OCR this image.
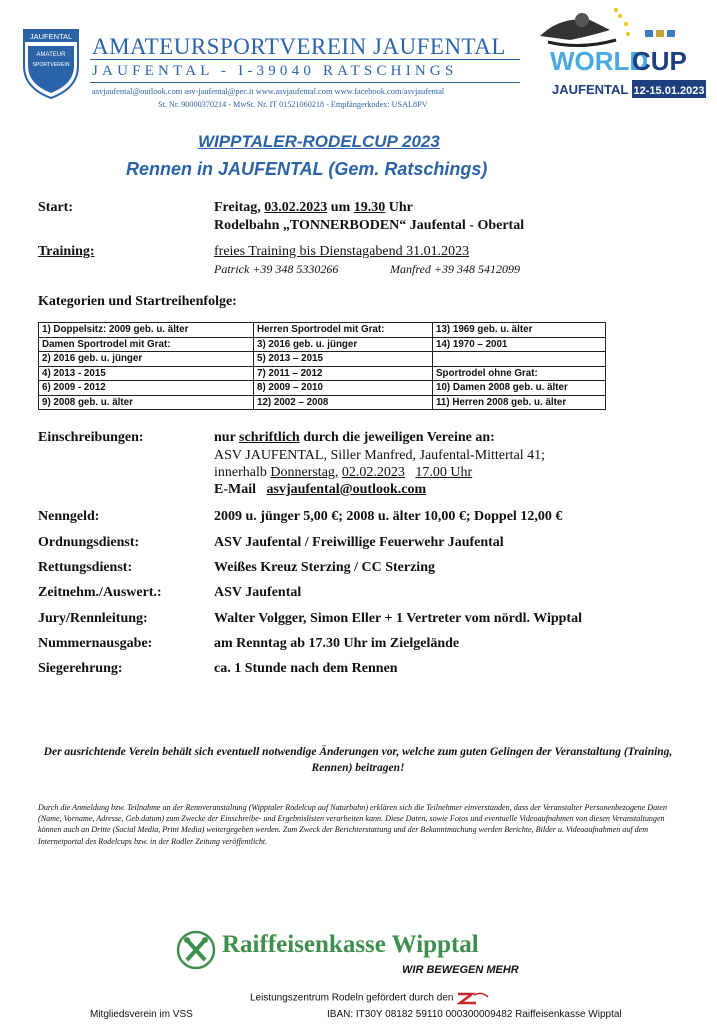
JAUFENTAL
AMATEUR
SPORTVEREIN
AMATEURSPORTVEREIN JAUFENTAL
JAUFENTAL - I-39040 RATSCHINGS
asvjaufental@outlook.com asv-jaufental@pec.it www.asvjaufental.com www.facebook.com/asvjaufental
St. Nr. 90000370214 - MwSt. Nr. IT 01521060218 - Empfängerkodex: USAL8PV
WORLD
CUP
JAUFENTAL 12-15.01.2023
WIPPTALER-RODELCUP 2023
Rennen in JAUFENTAL (Gem. Ratschings)
Start:	Freitag, 03.02.2023 um 19.30 Uhr
Rodelbahn „TONNERBODEN“ Jaufental - Obertal
Training:	freies Training bis Dienstagabend 31.01.2023
Patrick +39 348 5330266	Manfred +39 348 5412099
Kategorien und Startreihenfolge:
1) Doppelsitz: 2009 geb. u. älter	Herren Sportrodel mit Grat:	13) 1969 geb. u. älter
Damen Sportrodel mit Grat:	3) 2016 geb. u. jünger	14) 1970 – 2001
2) 2016 geb. u. jünger	5) 2013 – 2015	
4) 2013 - 2015	7) 2011 – 2012	Sportrodel ohne Grat:
6) 2009 - 2012	8) 2009 – 2010	10) Damen 2008 geb. u. älter
9) 2008 geb. u. älter	12) 2002 – 2008	11) Herren 2008 geb. u. älter
Einschreibungen:	nur schriftlich durch die jeweiligen Vereine an:
ASV JAUFENTAL, Siller Manfred, Jaufental-Mittertal 41;
innerhalb Donnerstag, 02.02.2023 17.00 Uhr
E-Mail asvjaufental@outlook.com
Nenngeld:	2009 u. jünger 5,00 €; 2008 u. älter 10,00 €; Doppel 12,00 €
Ordnungsdienst:	ASV Jaufental / Freiwillige Feuerwehr Jaufental
Rettungsdienst:	Weißes Kreuz Sterzing / CC Sterzing
Zeitnehm./Auswert.:	ASV Jaufental
Jury/Rennleitung:	Walter Volgger, Simon Eller + 1 Vertreter vom nördl. Wipptal
Nummernausgabe:	am Renntag ab 17.30 Uhr im Zielgelände
Siegerehrung:	ca. 1 Stunde nach dem Rennen
Der ausrichtende Verein behält sich eventuell notwendige Änderungen vor, welche zum guten Gelingen der Veranstaltung (Training, Rennen) beitragen!
Durch die Anmeldung bzw. Teilnahme an der Rennveranstaltung (Wipptaler Rodelcup auf Naturbahn) erklären sich die Teilnehmer einverstanden, dass der Veranstalter Personenbezogene Daten (Name, Vorname, Adresse, Geb.datum) zum Zwecke der Einschreibe- und Ergebnislisten verarbeiten kann. Diese Daten, sowie Fotos und eventuelle Videoaufnahmen von diesen Veranstaltungen können auch an Dritte (Social Media, Print Media) weitergegeben werden. Zum Zweck der Berichterstattung und der Bekanntmachung werden Berichte, Bilder u. Videoaufnahmen auf dem Internetportal des Rodelcups bzw. in der Rodler Zeitung veröffentlicht.
Raiffeisenkasse Wipptal
WIR BEWEGEN MEHR
Leistungszentrum Rodeln gefördert durch den
Mitgliedsverein im VSS	IBAN: IT30Y 08182 59110 000300009482 Raiffeisenkasse Wipptal
